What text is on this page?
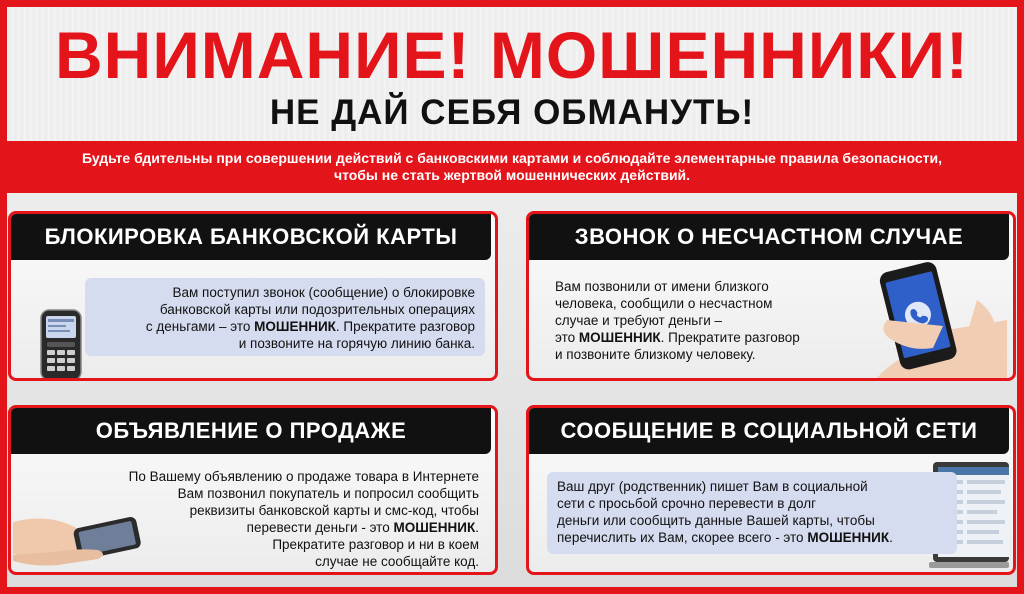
ВНИМАНИЕ! МОШЕННИКИ!
НЕ ДАЙ СЕБЯ ОБМАНУТЬ!
Будьте бдительны при совершении действий с банковскими картами и соблюдайте элементарные правила безопасности,
чтобы не стать жертвой мошеннических действий.
БЛОКИРОВКА БАНКОВСКОЙ КАРТЫ
Вам поступил звонок (сообщение) о блокировке
банковской карты или подозрительных операциях
с деньгами – это МОШЕННИК. Прекратите разговор
и позвоните на горячую линию банка.
ЗВОНОК О НЕСЧАСТНОМ СЛУЧАЕ
Вам позвонили от имени близкого
человека, сообщили о несчастном
случае и требуют деньги –
это МОШЕННИК. Прекратите разговор
и позвоните близкому человеку.
ОБЪЯВЛЕНИЕ О ПРОДАЖЕ
По Вашему объявлению о продаже товара в Интернете
Вам позвонил покупатель и попросил сообщить
реквизиты банковской карты и смс-код, чтобы
перевести деньги - это МОШЕННИК.
Прекратите разговор и ни в коем
случае не сообщайте код.
СООБЩЕНИЕ В СОЦИАЛЬНОЙ СЕТИ
Ваш друг (родственник) пишет Вам в социальной
сети с просьбой срочно перевести в долг
деньги или сообщить данные Вашей карты, чтобы
перечислить их Вам, скорее всего - это МОШЕННИК.
